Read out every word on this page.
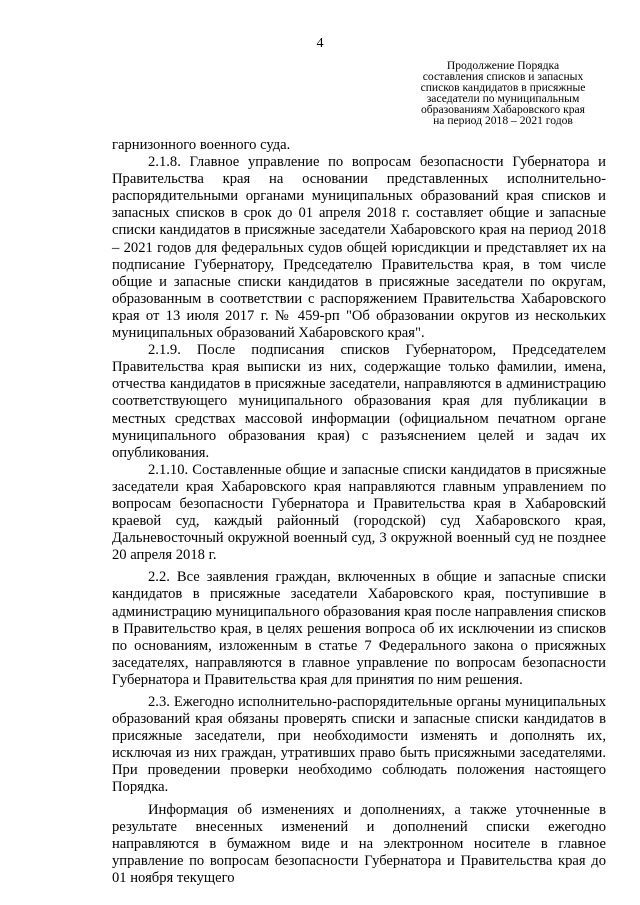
4
Продолжение Порядка
составления списков и запасных
списков кандидатов в присяжные
заседатели по муниципальным
образованиям Хабаровского края
на период 2018 – 2021 годов

гарнизонного военного суда.

2.1.8. Главное управление по вопросам безопасности Губернатора и Правительства края на основании представленных исполнительно-распорядительными органами муниципальных образований края списков и запасных списков в срок до 01 апреля 2018 г. составляет общие и запасные списки кандидатов в присяжные заседатели Хабаровского края на период 2018 – 2021 годов для федеральных судов общей юрисдикции и представляет их на подписание Губернатору, Председателю Правительства края, в том числе общие и запасные списки кандидатов в присяжные заседатели по округам, образованным в соответствии с распоряжением Правительства Хабаровского края от 13 июля 2017 г. № 459-рп "Об образовании округов из нескольких муниципальных образований Хабаровского края".

2.1.9. После подписания списков Губернатором, Председателем Правительства края выписки из них, содержащие только фамилии, имена, отчества кандидатов в присяжные заседатели, направляются в администрацию соответствующего муниципального образования края для публикации в местных средствах массовой информации (официальном печатном органе муниципального образования края) с разъяснением целей и задач их опубликования.

2.1.10. Составленные общие и запасные списки кандидатов в присяжные заседатели края Хабаровского края направляются главным управлением по вопросам безопасности Губернатора и Правительства края в Хабаровский краевой суд, каждый районный (городской) суд Хабаровского края, Дальневосточный окружной военный суд, 3 окружной военный суд не позднее 20 апреля 2018 г.

2.2. Все заявления граждан, включенных в общие и запасные списки кандидатов в присяжные заседатели Хабаровского края, поступившие в администрацию муниципального образования края после направления списков в Правительство края, в целях решения вопроса об их исключении из списков по основаниям, изложенным в статье 7 Федерального закона о присяжных заседателях, направляются в главное управление по вопросам безопасности Губернатора и Правительства края для принятия по ним решения.

2.3. Ежегодно исполнительно-распорядительные органы муниципальных образований края обязаны проверять списки и запасные списки кандидатов в присяжные заседатели, при необходимости изменять и дополнять их, исключая из них граждан, утративших право быть присяжными заседателями. При проведении проверки необходимо соблюдать положения настоящего Порядка.

Информация об изменениях и дополнениях, а также уточненные в результате внесенных изменений и дополнений списки ежегодно направляются в бумажном виде и на электронном носителе в главное управление по вопросам безопасности Губернатора и Правительства края до 01 ноября текущего
